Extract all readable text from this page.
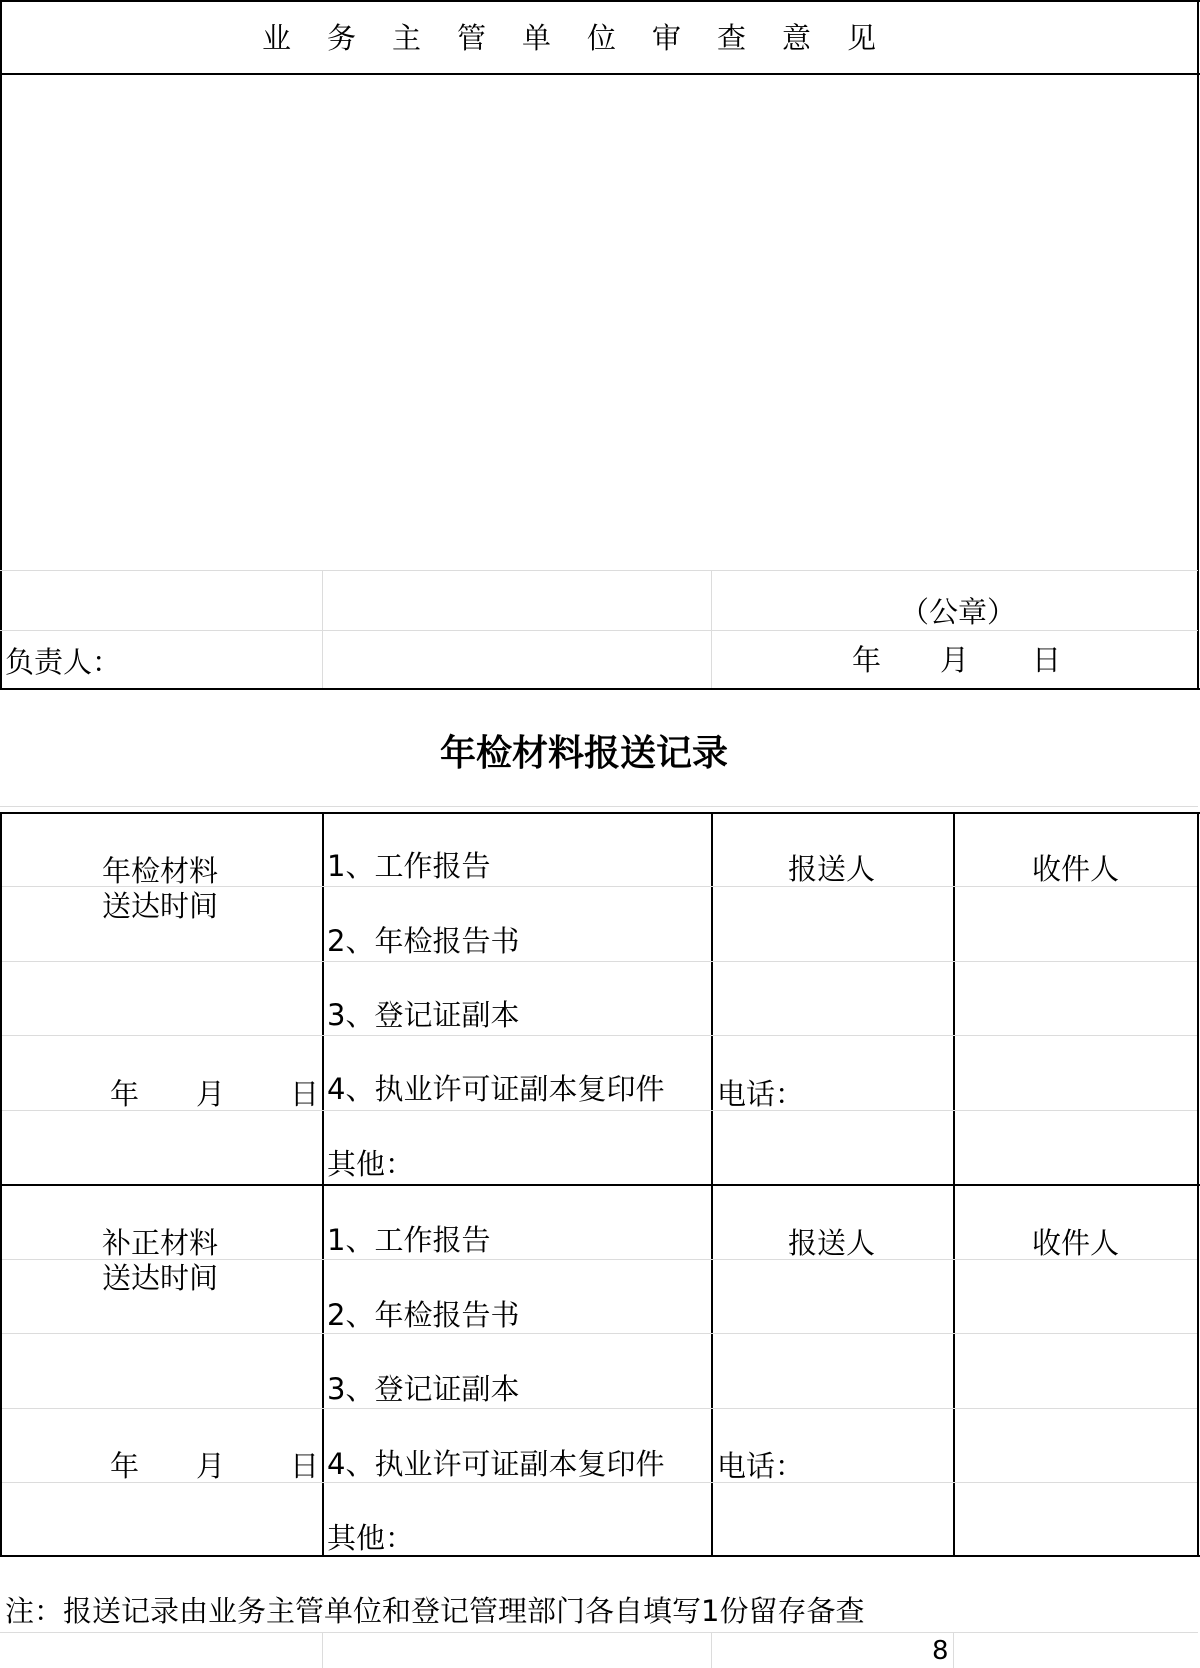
业务主管单位审查意见
（公章）
负责人：	年 月 日
年检材料报送记录
年检材料
送达时间
年 月 日
1、工作报告
2、年检报告书
3、登记证副本
4、执业许可证副本复印件
其他：
报送人
电话：
收件人
补正材料
送达时间
年 月 日
1、工作报告
2、年检报告书
3、登记证副本
4、执业许可证副本复印件
其他：
报送人
电话：
收件人
注：报送记录由业务主管单位和登记管理部门各自填写1份留存备查
8
